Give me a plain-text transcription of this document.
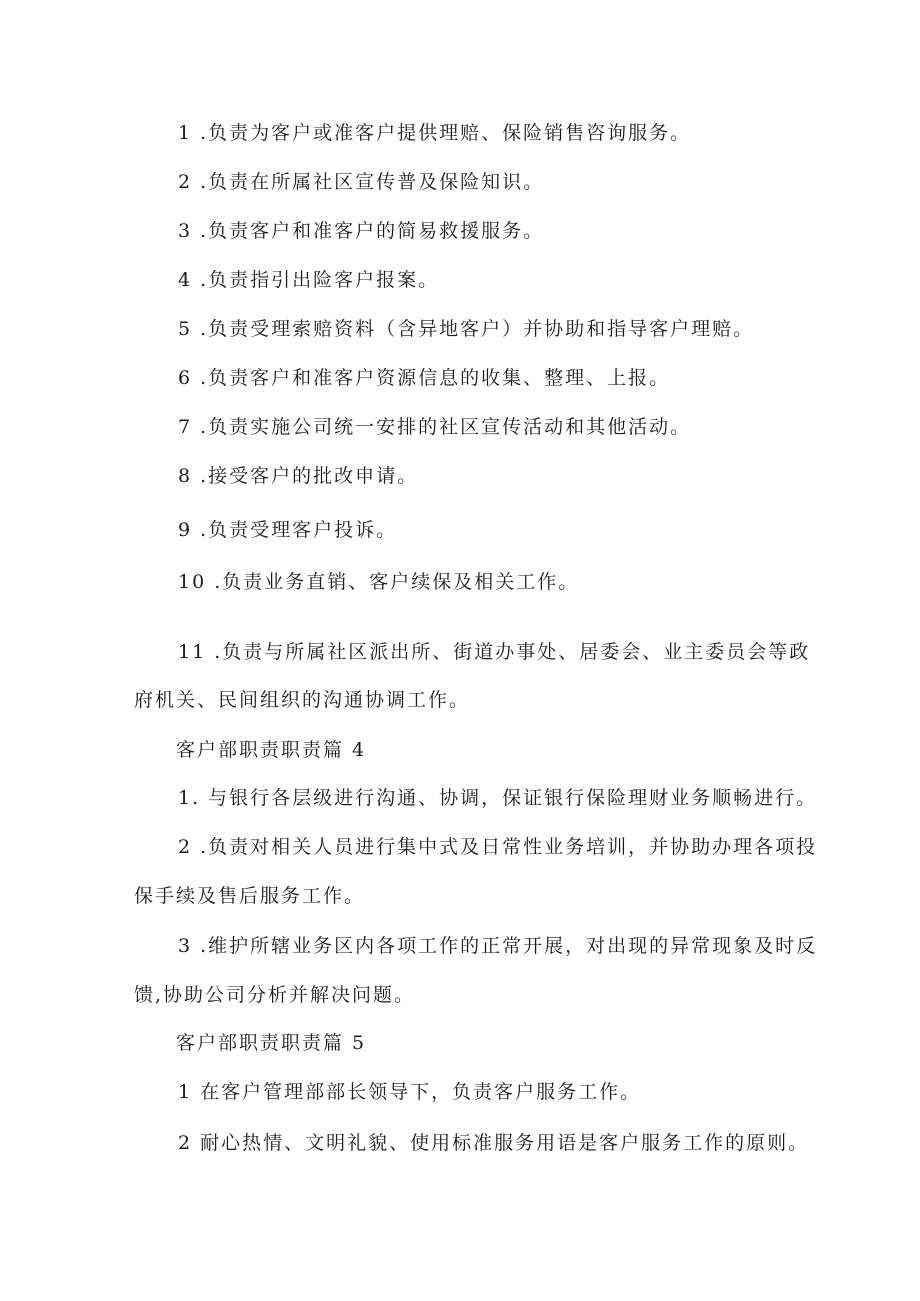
1 .负责为客户或准客户提供理赔、保险销售咨询服务。
2 .负责在所属社区宣传普及保险知识。
3 .负责客户和准客户的简易救援服务。
4 .负责指引出险客户报案。
5 .负责受理索赔资料（含异地客户）并协助和指导客户理赔。
6 .负责客户和准客户资源信息的收集、整理、上报。
7 .负责实施公司统一安排的社区宣传活动和其他活动。
8 .接受客户的批改申请。
9 .负责受理客户投诉。
10 .负责业务直销、客户续保及相关工作。
11 .负责与所属社区派出所、街道办事处、居委会、业主委员会等政
府机关、民间组织的沟通协调工作。
客户部职责职责篇 4
1. 与银行各层级进行沟通、协调，保证银行保险理财业务顺畅进行。
2 .负责对相关人员进行集中式及日常性业务培训，并协助办理各项投
保手续及售后服务工作。
3 .维护所辖业务区内各项工作的正常开展，对出现的异常现象及时反
馈,协助公司分析并解决问题。
客户部职责职责篇 5
1 在客户管理部部长领导下，负责客户服务工作。
2 耐心热情、文明礼貌、使用标准服务用语是客户服务工作的原则。
